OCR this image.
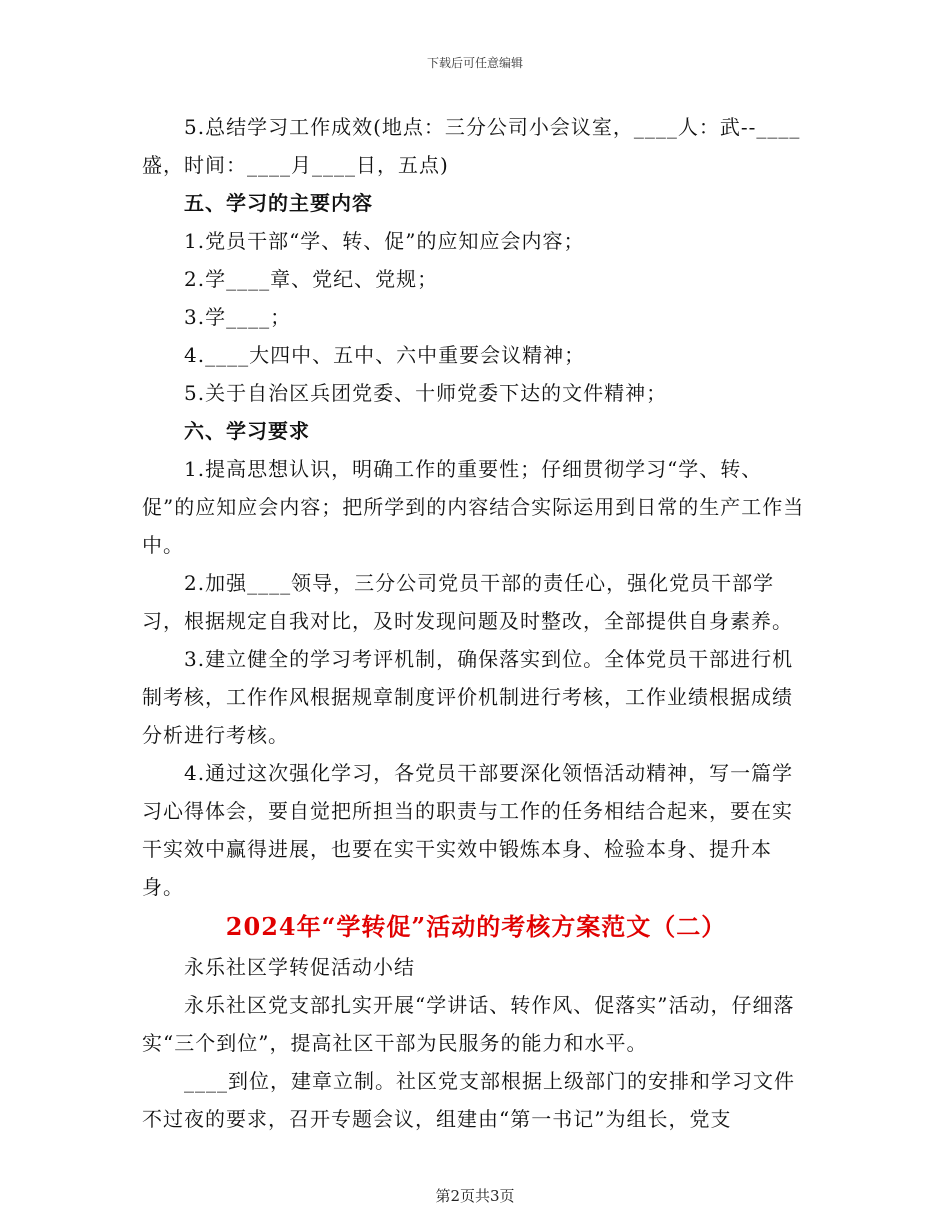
下载后可任意编辑

5.总结学习工作成效(地点：三分公司小会议室，____人：武--____盛，时间：____月____日，五点)

五、学习的主要内容

1.党员干部“学、转、促”的应知应会内容；

2.学____章、党纪、党规；

3.学____；

4.____大四中、五中、六中重要会议精神；

5.关于自治区兵团党委、十师党委下达的文件精神；

六、学习要求

1.提高思想认识，明确工作的重要性；仔细贯彻学习“学、转、促”的应知应会内容；把所学到的内容结合实际运用到日常的生产工作当中。

2.加强____领导，三分公司党员干部的责任心，强化党员干部学习，根据规定自我对比，及时发现问题及时整改，全部提供自身素养。

3.建立健全的学习考评机制，确保落实到位。全体党员干部进行机制考核，工作作风根据规章制度评价机制进行考核，工作业绩根据成绩分析进行考核。

4.通过这次强化学习，各党员干部要深化领悟活动精神，写一篇学习心得体会，要自觉把所担当的职责与工作的任务相结合起来，要在实干实效中赢得进展，也要在实干实效中锻炼本身、检验本身、提升本身。

2024年“学转促”活动的考核方案范文（二）

永乐社区学转促活动小结

永乐社区党支部扎实开展“学讲话、转作风、促落实”活动，仔细落实“三个到位”，提高社区干部为民服务的能力和水平。

____到位，建章立制。社区党支部根据上级部门的安排和学习文件不过夜的要求，召开专题会议，组建由“第一书记”为组长，党支

第2页共3页
